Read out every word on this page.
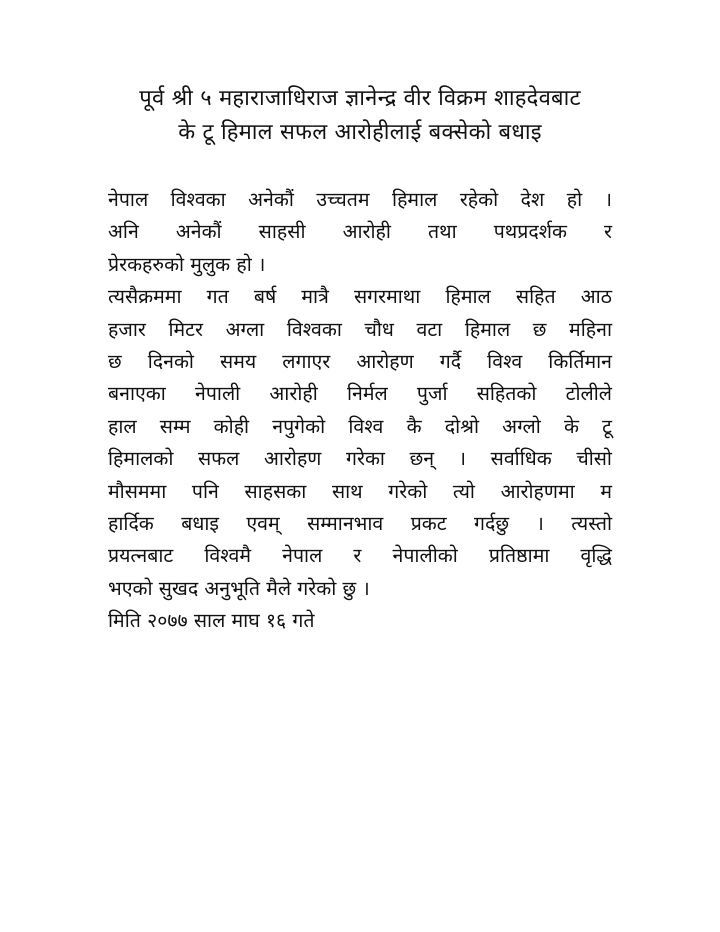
पूर्व श्री ५ महाराजाधिराज ज्ञानेन्द्र वीर विक्रम शाहदेवबाट
के टू हिमाल सफल आरोहीलाई बक्सेको बधाइ
नेपाल विश्वका अनेकौं उच्चतम हिमाल रहेको देश हो ।
अनि अनेकौं साहसी आरोही तथा पथप्रदर्शक र
प्रेरकहरुको मुलुक हो ।
त्यसैक्रममा गत बर्ष मात्रै सगरमाथा हिमाल सहित आठ
हजार मिटर अग्ला विश्वका चौध वटा हिमाल छ महिना
छ दिनको समय लगाएर आरोहण गर्दै विश्व किर्तिमान
बनाएका नेपाली आरोही निर्मल पुर्जा सहितको टोलीले
हाल सम्म कोही नपुगेको विश्व कै दोश्रो अग्लो के टू
हिमालको सफल आरोहण गरेका छन् । सर्वाधिक चीसो
मौसममा पनि साहसका साथ गरेको त्यो आरोहणमा म
हार्दिक बधाइ एवम् सम्मानभाव प्रकट गर्दछु । त्यस्तो
प्रयत्नबाट विश्वमै नेपाल र नेपालीको प्रतिष्ठामा वृद्धि
भएको सुखद अनुभूति मैले गरेको छु ।
मिति २०७७ साल माघ १६ गते
